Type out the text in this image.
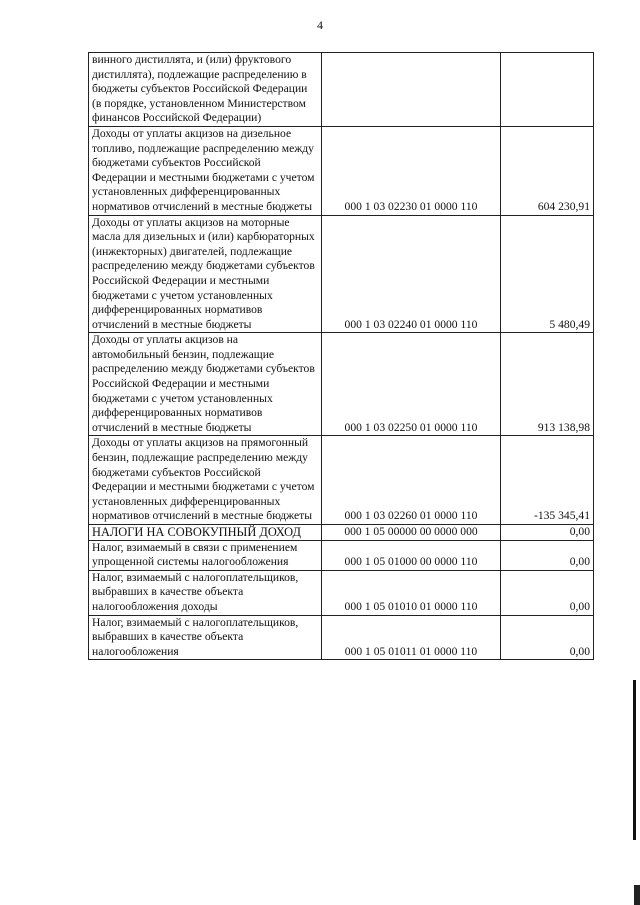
4
винного дистиллята, и (или) фруктового дистиллята), подлежащие распределению в бюджеты субъектов Российской Федерации (в порядке, установленном Министерством финансов Российской Федерации)		
Доходы от уплаты акцизов на дизельное топливо, подлежащие распределению между бюджетами субъектов Российской Федерации и местными бюджетами с учетом установленных дифференцированных нормативов отчислений в местные бюджеты	000 1 03 02230 01 0000 110	604 230,91
Доходы от уплаты акцизов на моторные масла для дизельных и (или) карбюраторных (инжекторных) двигателей, подлежащие распределению между бюджетами субъектов Российской Федерации и местными бюджетами с учетом установленных дифференцированных нормативов отчислений в местные бюджеты	000 1 03 02240 01 0000 110	5 480,49
Доходы от уплаты акцизов на автомобильный бензин, подлежащие распределению между бюджетами субъектов Российской Федерации и местными бюджетами с учетом установленных дифференцированных нормативов отчислений в местные бюджеты	000 1 03 02250 01 0000 110	913 138,98
Доходы от уплаты акцизов на прямогонный бензин, подлежащие распределению между бюджетами субъектов Российской Федерации и местными бюджетами с учетом установленных дифференцированных нормативов отчислений в местные бюджеты	000 1 03 02260 01 0000 110	-135 345,41
НАЛОГИ НА СОВОКУПНЫЙ ДОХОД	000 1 05 00000 00 0000 000	0,00
Налог, взимаемый в связи с применением упрощенной системы налогообложения	000 1 05 01000 00 0000 110	0,00
Налог, взимаемый с налогоплательщиков, выбравших в качестве объекта налогообложения доходы	000 1 05 01010 01 0000 110	0,00
Налог, взимаемый с налогоплательщиков, выбравших в качестве объекта налогообложения	000 1 05 01011 01 0000 110	0,00
